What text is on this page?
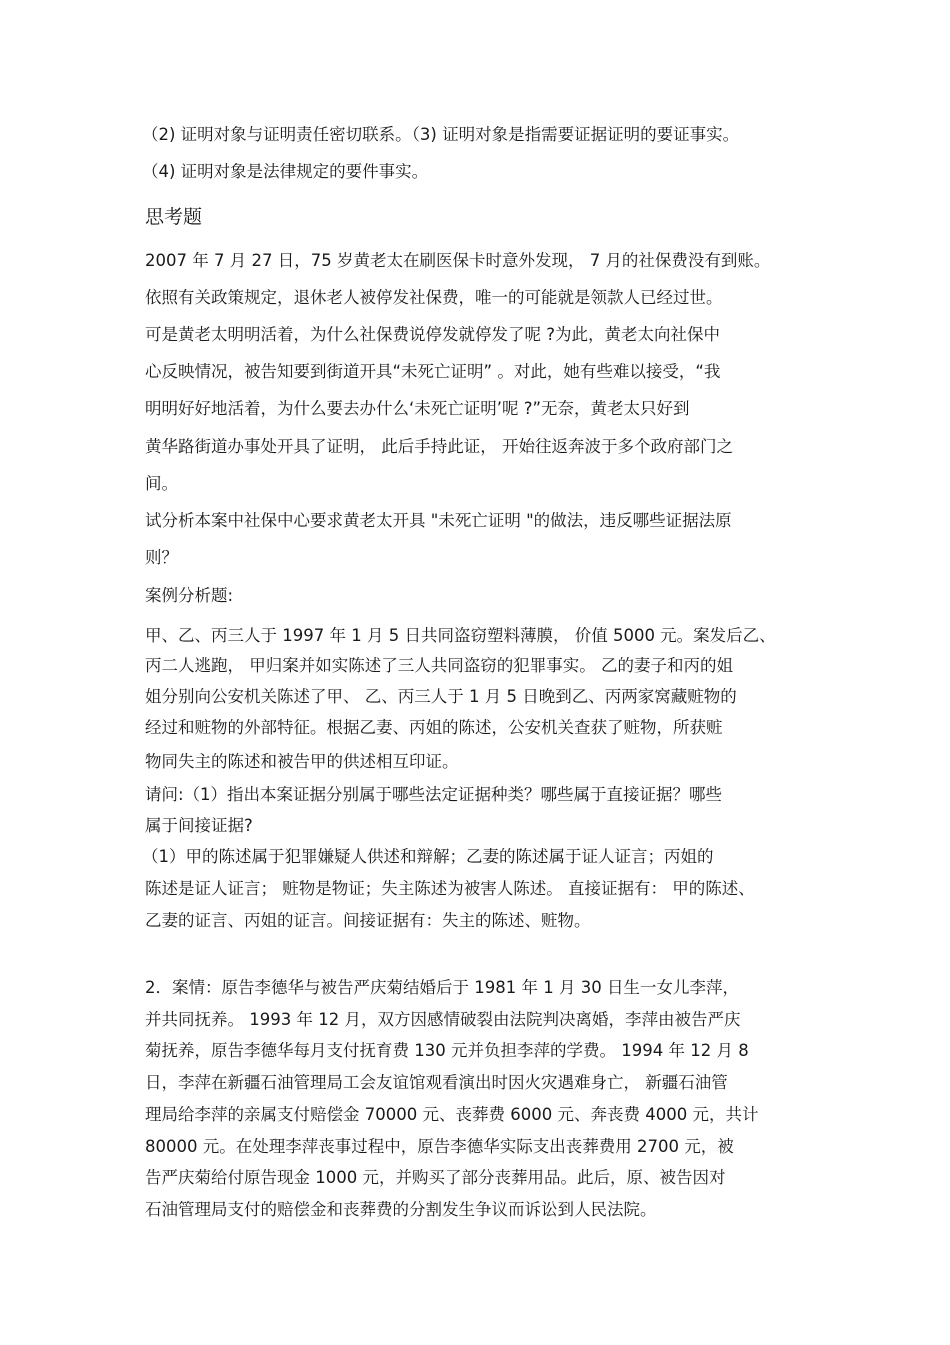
（2) 证明对象与证明责任密切联系。（3) 证明对象是指需要证据证明的要证事实。

（4) 证明对象是法律规定的要件事实。

思考题

2007 年 7 月 27 日，75 岁黄老太在刷医保卡时意外发现， 7 月的社保费没有到账。

依照有关政策规定，退休老人被停发社保费，唯一的可能就是领款人已经过世。

可是黄老太明明活着，为什么社保费说停发就停发了呢 ?为此，黄老太向社保中

心反映情况，被告知要到街道开具“未死亡证明” 。对此，她有些难以接受，“我

明明好好地活着，为什么要去办什么‘未死亡证明’呢 ?”无奈，黄老太只好到

黄华路街道办事处开具了证明， 此后手持此证， 开始往返奔波于多个政府部门之

间。

试分析本案中社保中心要求黄老太开具 "未死亡证明 "的做法，违反哪些证据法原

则？

案例分析题:

甲、乙、丙三人于 1997 年 1 月 5 日共同盗窃塑料薄膜， 价值 5000 元。案发后乙、

丙二人逃跑， 甲归案并如实陈述了三人共同盗窃的犯罪事实。 乙的妻子和丙的姐

姐分别向公安机关陈述了甲、 乙、丙三人于 1 月 5 日晚到乙、丙两家窝藏赃物的

经过和赃物的外部特征。根据乙妻、丙姐的陈述，公安机关查获了赃物，所获赃

物同失主的陈述和被告甲的供述相互印证。

请问:（1）指出本案证据分别属于哪些法定证据种类？哪些属于直接证据？哪些

属于间接证据?

（1）甲的陈述属于犯罪嫌疑人供述和辩解；乙妻的陈述属于证人证言；丙姐的

陈述是证人证言； 赃物是物证；失主陈述为被害人陈述。 直接证据有： 甲的陈述、

乙妻的证言、丙姐的证言。间接证据有：失主的陈述、赃物。

2．案情：原告李德华与被告严庆菊结婚后于 1981 年 1 月 30 日生一女儿李萍，

并共同抚养。 1993 年 12 月，双方因感情破裂由法院判决离婚，李萍由被告严庆

菊抚养，原告李德华每月支付抚育费 130 元并负担李萍的学费。 1994 年 12 月 8

日，李萍在新疆石油管理局工会友谊馆观看演出时因火灾遇难身亡， 新疆石油管

理局给李萍的亲属支付赔偿金 70000 元、丧葬费 6000 元、奔丧费 4000 元，共计

80000 元。在处理李萍丧事过程中，原告李德华实际支出丧葬费用 2700 元，被

告严庆菊给付原告现金 1000 元，并购买了部分丧葬用品。此后，原、被告因对

石油管理局支付的赔偿金和丧葬费的分割发生争议而诉讼到人民法院。
